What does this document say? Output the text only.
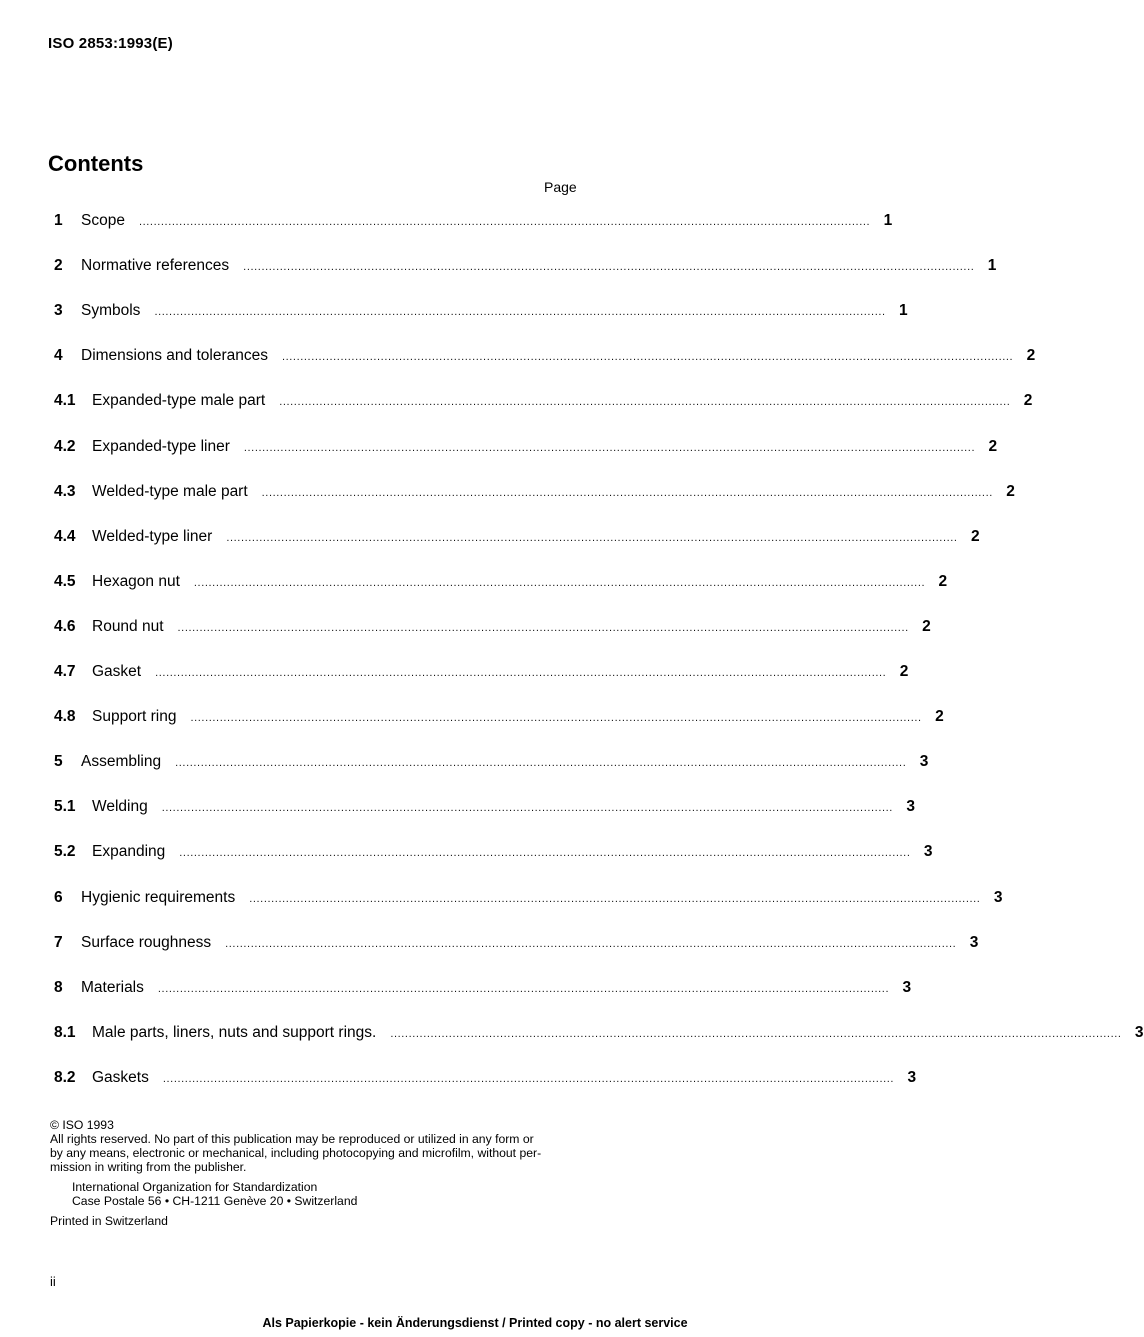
ISO 2853:1993(E)
Contents
Page
1	Scope ........................................................................................................................................................................................................ 1
2	Normative references ........................................................................................................................................................................................................ 1
3	Symbols ........................................................................................................................................................................................................ 1
4	Dimensions and tolerances ........................................................................................................................................................................................................ 2
4.1	Expanded-type male part ........................................................................................................................................................................................................ 2
4.2	Expanded-type liner ........................................................................................................................................................................................................ 2
4.3	Welded-type male part ........................................................................................................................................................................................................ 2
4.4	Welded-type liner ........................................................................................................................................................................................................ 2
4.5	Hexagon nut ........................................................................................................................................................................................................ 2
4.6	Round nut ........................................................................................................................................................................................................ 2
4.7	Gasket ........................................................................................................................................................................................................ 2
4.8	Support ring ........................................................................................................................................................................................................ 2
5	Assembling ........................................................................................................................................................................................................ 3
5.1	Welding ........................................................................................................................................................................................................ 3
5.2	Expanding ........................................................................................................................................................................................................ 3
6	Hygienic requirements ........................................................................................................................................................................................................ 3
7	Surface roughness ........................................................................................................................................................................................................ 3
8	Materials ........................................................................................................................................................................................................ 3
8.1	Male parts, liners, nuts and support rings. ........................................................................................................................................................................................................ 3
8.2	Gaskets ........................................................................................................................................................................................................ 3
© ISO 1993
All rights reserved. No part of this publication may be reproduced or utilized in any form or
by any means, electronic or mechanical, including photocopying and microfilm, without per-
mission in writing from the publisher.
International Organization for Standardization
Case Postale 56 • CH-1211 Genève 20 • Switzerland
Printed in Switzerland
ii
Als Papierkopie - kein Änderungsdienst / Printed copy - no alert service
